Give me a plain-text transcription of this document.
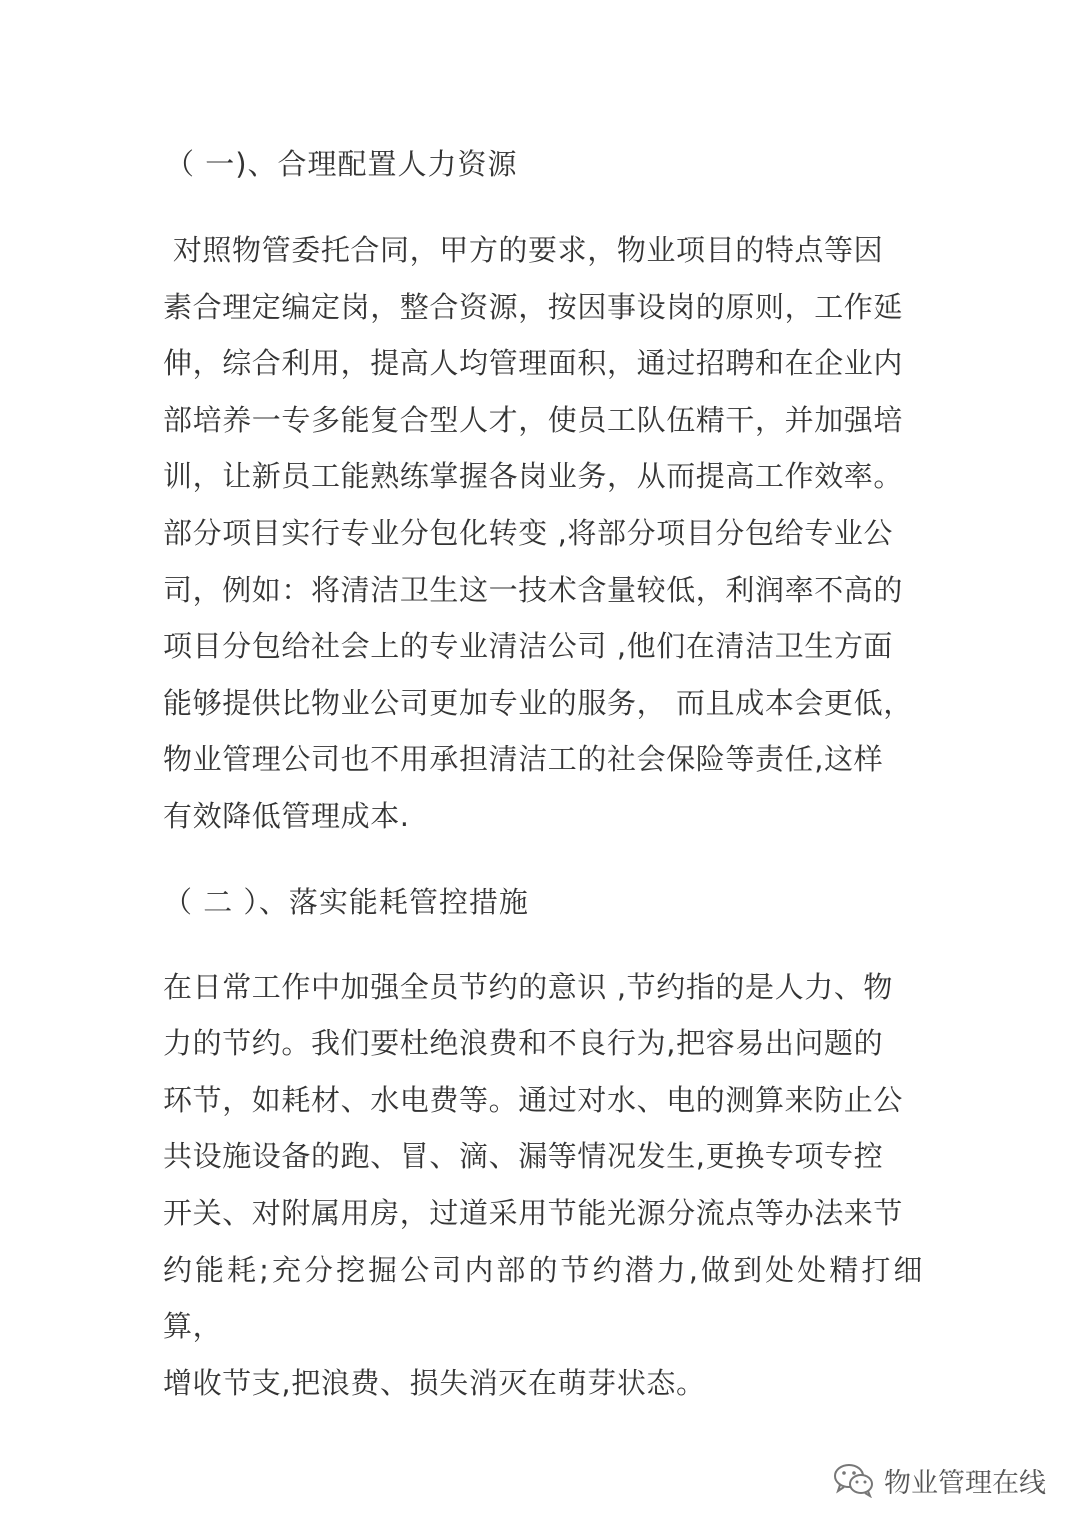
（ 一)、合理配置人力资源
对照物管委托合同，甲方的要求，物业项目的特点等因
素合理定编定岗，整合资源，按因事设岗的原则，工作延
伸，综合利用，提高人均管理面积，通过招聘和在企业内
部培养一专多能复合型人才，使员工队伍精干，并加强培
训，让新员工能熟练掌握各岗业务，从而提高工作效率。
部分项目实行专业分包化转变 ,将部分项目分包给专业公
司，例如：将清洁卫生这一技术含量较低，利润率不高的
项目分包给社会上的专业清洁公司 ,他们在清洁卫生方面
能够提供比物业公司更加专业的服务， 而且成本会更低，
物业管理公司也不用承担清洁工的社会保险等责任,这样
有效降低管理成本.
（ 二 ）、落实能耗管控措施
在日常工作中加强全员节约的意识 ,节约指的是人力、物
力的节约。我们要杜绝浪费和不良行为,把容易出问题的
环节，如耗材、水电费等。通过对水、电的测算来防止公
共设施设备的跑、冒、滴、漏等情况发生,更换专项专控
开关、对附属用房，过道采用节能光源分流点等办法来节
约能耗;充分挖掘公司内部的节约潜力,做到处处精打细算，
增收节支,把浪费、损失消灭在萌芽状态。
物业管理在线
